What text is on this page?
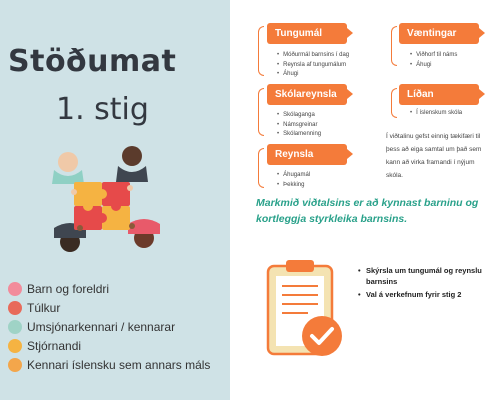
Stöðumat
1. stig
Barn og foreldri
Túlkur
Umsjónarkennari / kennarar
Stjórnandi
Kennari íslensku sem annars máls
Tungumál
• Móðurmál barnsins í dag
• Reynsla af tungumálum
• Áhugi
Skólareynsla
• Skólaganga
• Námsgreinar
• Skólamenning
Reynsla
• Áhugamál
• Þekking
Væntingar
• Viðhorf til náms
• Áhugi
Líðan
• Í íslenskum skóla
Í viðtalinu gefst einnig tækifæri til þess að eiga samtal um það sem kann að virka framandi í nýjum skóla.
Markmið viðtalsins er að kynnast barninu og kortleggja styrkleika barnsins.
• Skýrsla um tungumál og reynslu barnsins
• Val á verkefnum fyrir stig 2
